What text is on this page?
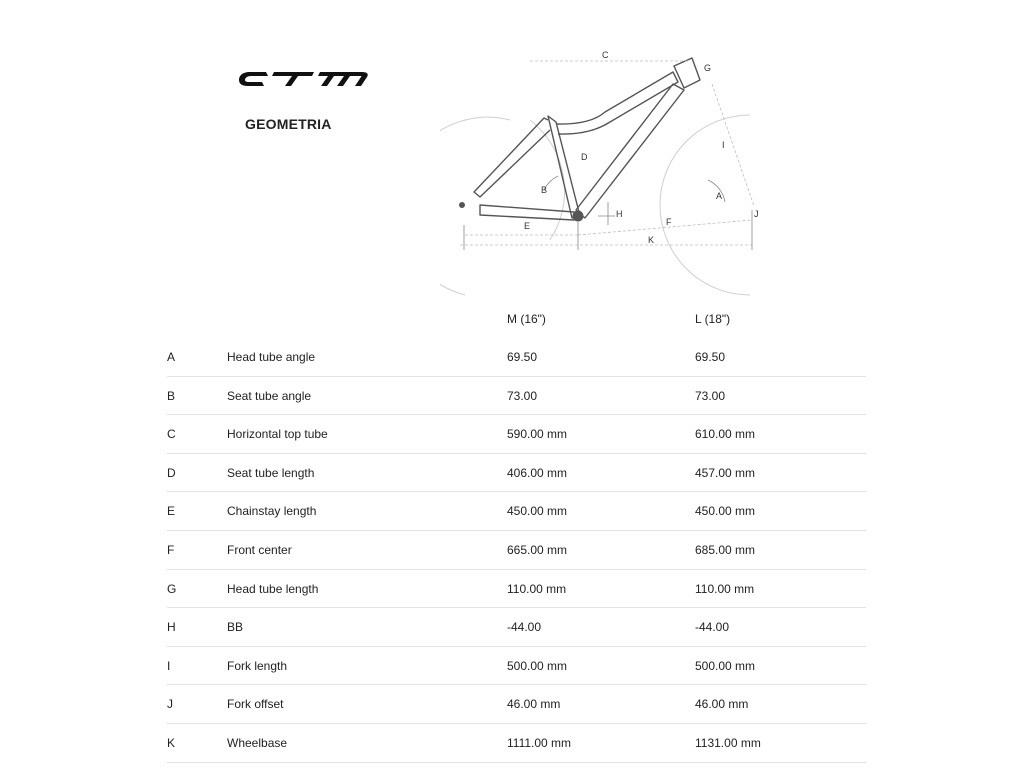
GEOMETRIA
C
G
D
B
I
A
H	J
E	F
K
M (16")	L (18")
A	Head tube angle	69.50	69.50
B	Seat tube angle	73.00	73.00
C	Horizontal top tube	590.00 mm	610.00 mm
D	Seat tube length	406.00 mm	457.00 mm
E	Chainstay length	450.00 mm	450.00 mm
F	Front center	665.00 mm	685.00 mm
G	Head tube length	110.00 mm	110.00 mm
H	BB	-44.00	-44.00
I	Fork length	500.00 mm	500.00 mm
J	Fork offset	46.00 mm	46.00 mm
K	Wheelbase	1111.00 mm	1131.00 mm
